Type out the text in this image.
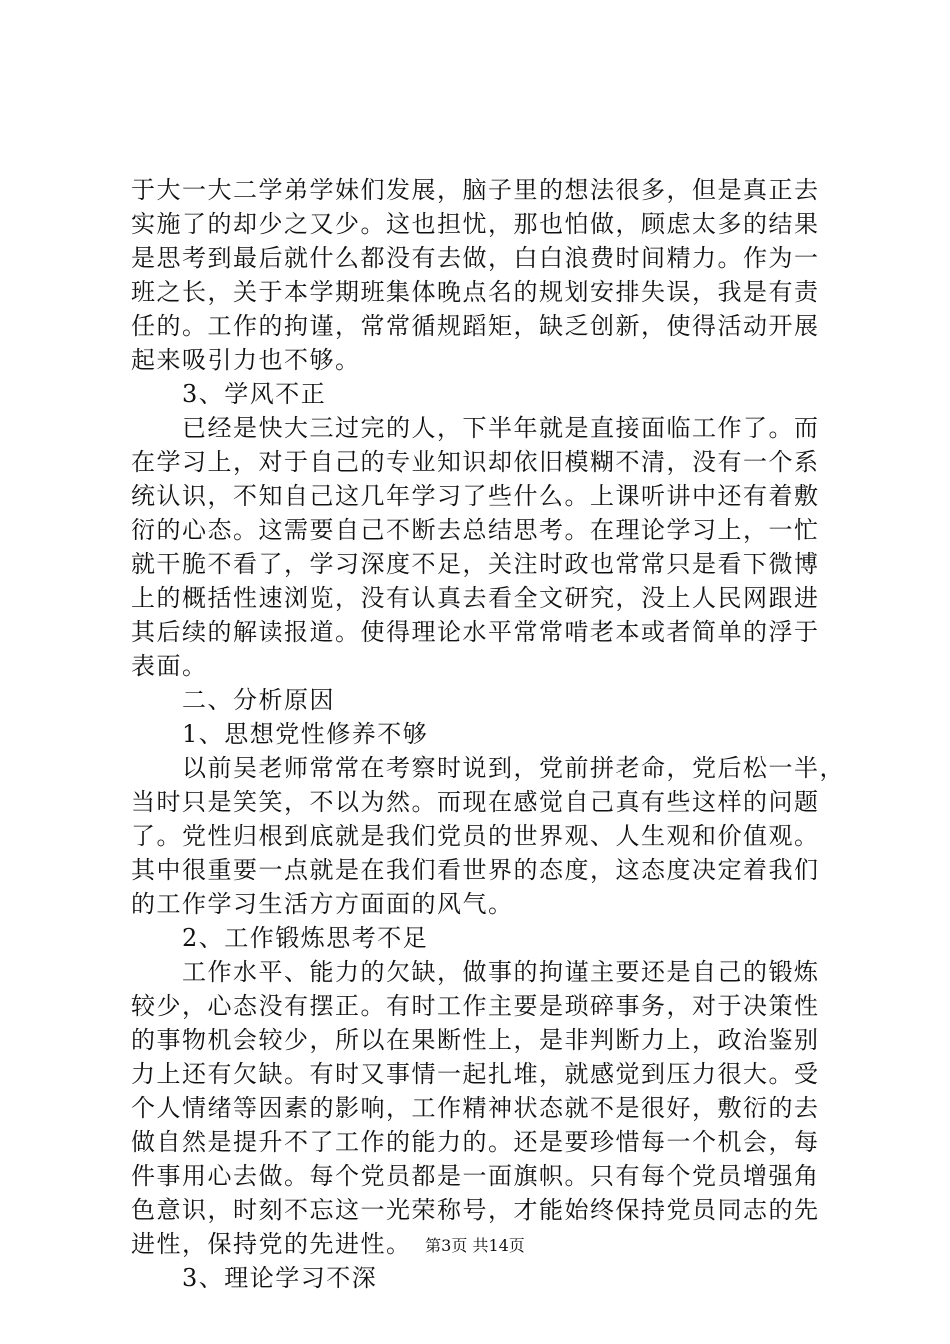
于大一大二学弟学妹们发展，脑子里的想法很多，但是真正去
实施了的却少之又少。这也担忧，那也怕做，顾虑太多的结果
是思考到最后就什么都没有去做，白白浪费时间精力。作为一
班之长，关于本学期班集体晚点名的规划安排失误，我是有责
任的。工作的拘谨，常常循规蹈矩，缺乏创新，使得活动开展
起来吸引力也不够。
　　3、学风不正
　　已经是快大三过完的人，下半年就是直接面临工作了。而
在学习上，对于自己的专业知识却依旧模糊不清，没有一个系
统认识，不知自己这几年学习了些什么。上课听讲中还有着敷
衍的心态。这需要自己不断去总结思考。在理论学习上，一忙
就干脆不看了，学习深度不足，关注时政也常常只是看下微博
上的概括性速浏览，没有认真去看全文研究，没上人民网跟进
其后续的解读报道。使得理论水平常常啃老本或者简单的浮于
表面。
　　二、分析原因
　　1、思想党性修养不够
　　以前吴老师常常在考察时说到，党前拼老命，党后松一半，
当时只是笑笑，不以为然。而现在感觉自己真有些这样的问题
了。党性归根到底就是我们党员的世界观、人生观和价值观。
其中很重要一点就是在我们看世界的态度，这态度决定着我们
的工作学习生活方方面面的风气。
　　2、工作锻炼思考不足
　　工作水平、能力的欠缺，做事的拘谨主要还是自己的锻炼
较少，心态没有摆正。有时工作主要是琐碎事务，对于决策性
的事物机会较少，所以在果断性上，是非判断力上，政治鉴别
力上还有欠缺。有时又事情一起扎堆，就感觉到压力很大。受
个人情绪等因素的影响，工作精神状态就不是很好，敷衍的去
做自然是提升不了工作的能力的。还是要珍惜每一个机会，每
件事用心去做。每个党员都是一面旗帜。只有每个党员增强角
色意识，时刻不忘这一光荣称号，才能始终保持党员同志的先
进性，保持党的先进性。
　　3、理论学习不深
第3页 共14页
